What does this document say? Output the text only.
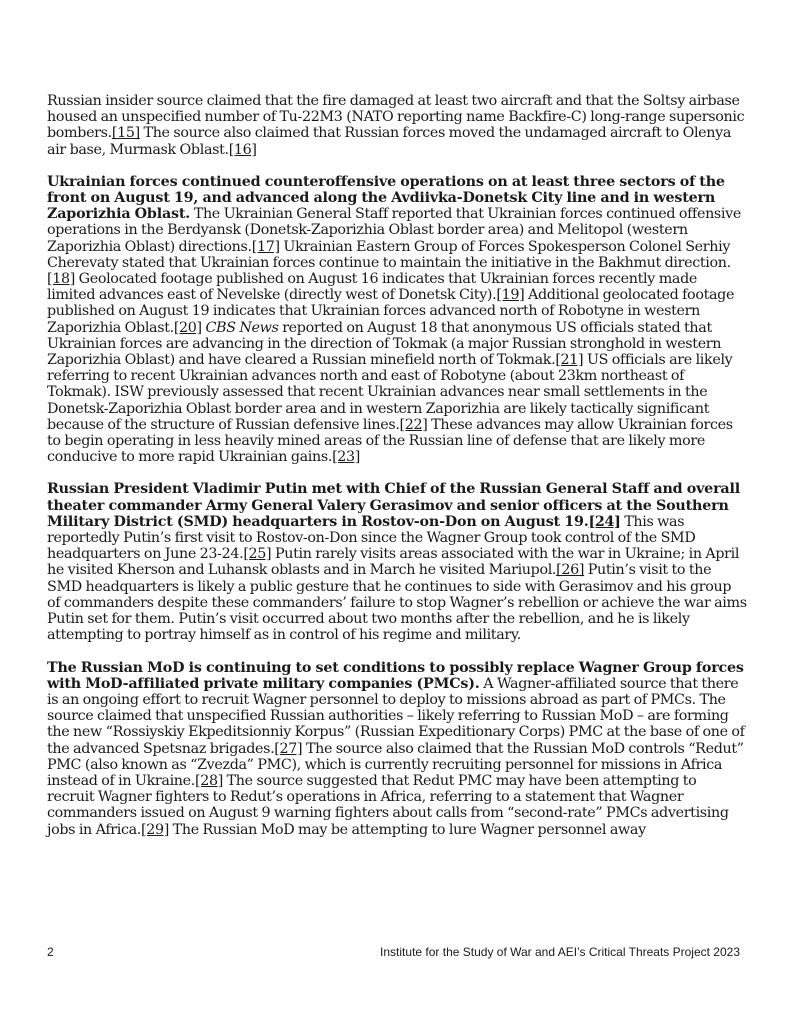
Russian insider source claimed that the fire damaged at least two aircraft and that the Soltsy airbase housed an unspecified number of Tu-22M3 (NATO reporting name Backfire-C) long-range supersonic bombers.[15] The source also claimed that Russian forces moved the undamaged aircraft to Olenya air base, Murmask Oblast.[16]

Ukrainian forces continued counteroffensive operations on at least three sectors of the front on August 19, and advanced along the Avdiivka-Donetsk City line and in western Zaporizhia Oblast. The Ukrainian General Staff reported that Ukrainian forces continued offensive operations in the Berdyansk (Donetsk-Zaporizhia Oblast border area) and Melitopol (western Zaporizhia Oblast) directions.[17] Ukrainian Eastern Group of Forces Spokesperson Colonel Serhiy Cherevaty stated that Ukrainian forces continue to maintain the initiative in the Bakhmut direction.[18] Geolocated footage published on August 16 indicates that Ukrainian forces recently made limited advances east of Nevelske (directly west of Donetsk City).[19] Additional geolocated footage published on August 19 indicates that Ukrainian forces advanced north of Robotyne in western Zaporizhia Oblast.[20] CBS News reported on August 18 that anonymous US officials stated that Ukrainian forces are advancing in the direction of Tokmak (a major Russian stronghold in western Zaporizhia Oblast) and have cleared a Russian minefield north of Tokmak.[21] US officials are likely referring to recent Ukrainian advances north and east of Robotyne (about 23km northeast of Tokmak). ISW previously assessed that recent Ukrainian advances near small settlements in the Donetsk-Zaporizhia Oblast border area and in western Zaporizhia are likely tactically significant because of the structure of Russian defensive lines.[22] These advances may allow Ukrainian forces to begin operating in less heavily mined areas of the Russian line of defense that are likely more conducive to more rapid Ukrainian gains.[23]

Russian President Vladimir Putin met with Chief of the Russian General Staff and overall theater commander Army General Valery Gerasimov and senior officers at the Southern Military District (SMD) headquarters in Rostov-on-Don on August 19.[24] This was reportedly Putin’s first visit to Rostov-on-Don since the Wagner Group took control of the SMD headquarters on June 23-24.[25] Putin rarely visits areas associated with the war in Ukraine; in April he visited Kherson and Luhansk oblasts and in March he visited Mariupol.[26] Putin’s visit to the SMD headquarters is likely a public gesture that he continues to side with Gerasimov and his group of commanders despite these commanders’ failure to stop Wagner’s rebellion or achieve the war aims Putin set for them. Putin’s visit occurred about two months after the rebellion, and he is likely attempting to portray himself as in control of his regime and military.

The Russian MoD is continuing to set conditions to possibly replace Wagner Group forces with MoD-affiliated private military companies (PMCs). A Wagner-affiliated source that there is an ongoing effort to recruit Wagner personnel to deploy to missions abroad as part of PMCs. The source claimed that unspecified Russian authorities – likely referring to Russian MoD – are forming the new “Rossiyskiy Ekpeditsionniy Korpus” (Russian Expeditionary Corps) PMC at the base of one of the advanced Spetsnaz brigades.[27] The source also claimed that the Russian MoD controls “Redut” PMC (also known as “Zvezda” PMC), which is currently recruiting personnel for missions in Africa instead of in Ukraine.[28] The source suggested that Redut PMC may have been attempting to recruit Wagner fighters to Redut’s operations in Africa, referring to a statement that Wagner commanders issued on August 9 warning fighters about calls from “second-rate” PMCs advertising jobs in Africa.[29] The Russian MoD may be attempting to lure Wagner personnel away

2	Institute for the Study of War and AEI’s Critical Threats Project 2023
